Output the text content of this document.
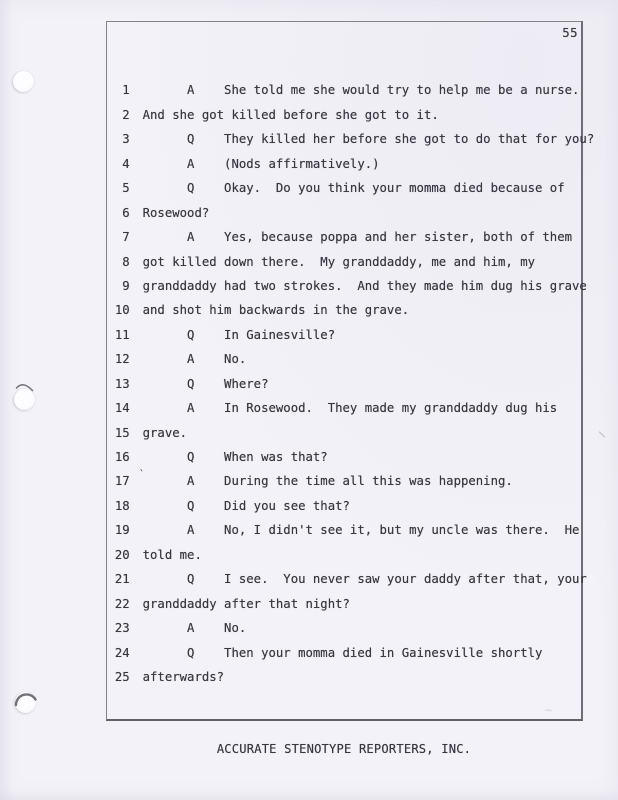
55

1      A    She told me she would try to help me be a nurse.

2 And she got killed before she got to it.

3      Q    They killed her before she got to do that for you?

4      A    (Nods affirmatively.)

5      Q    Okay.  Do you think your momma died because of

6 Rosewood?

7      A    Yes, because poppa and her sister, both of them

8 got killed down there.  My granddaddy, me and him, my

9 granddaddy had two strokes.  And they made him dug his grave

10 and shot him backwards in the grave.

11      Q    In Gainesville?

12      A    No.

13      Q    Where?

14      A    In Rosewood.  They made my granddaddy dug his

15 grave.

16      Q    When was that?

17      A    During the time all this was happening.

18      Q    Did you see that?

19      A    No, I didn't see it, but my uncle was there.  He

20 told me.

21      Q    I see.  You never saw your daddy after that, your

22 granddaddy after that night?

23      A    No.

24      Q    Then your momma died in Gainesville shortly

25 afterwards?

ACCURATE STENOTYPE REPORTERS, INC.
`
